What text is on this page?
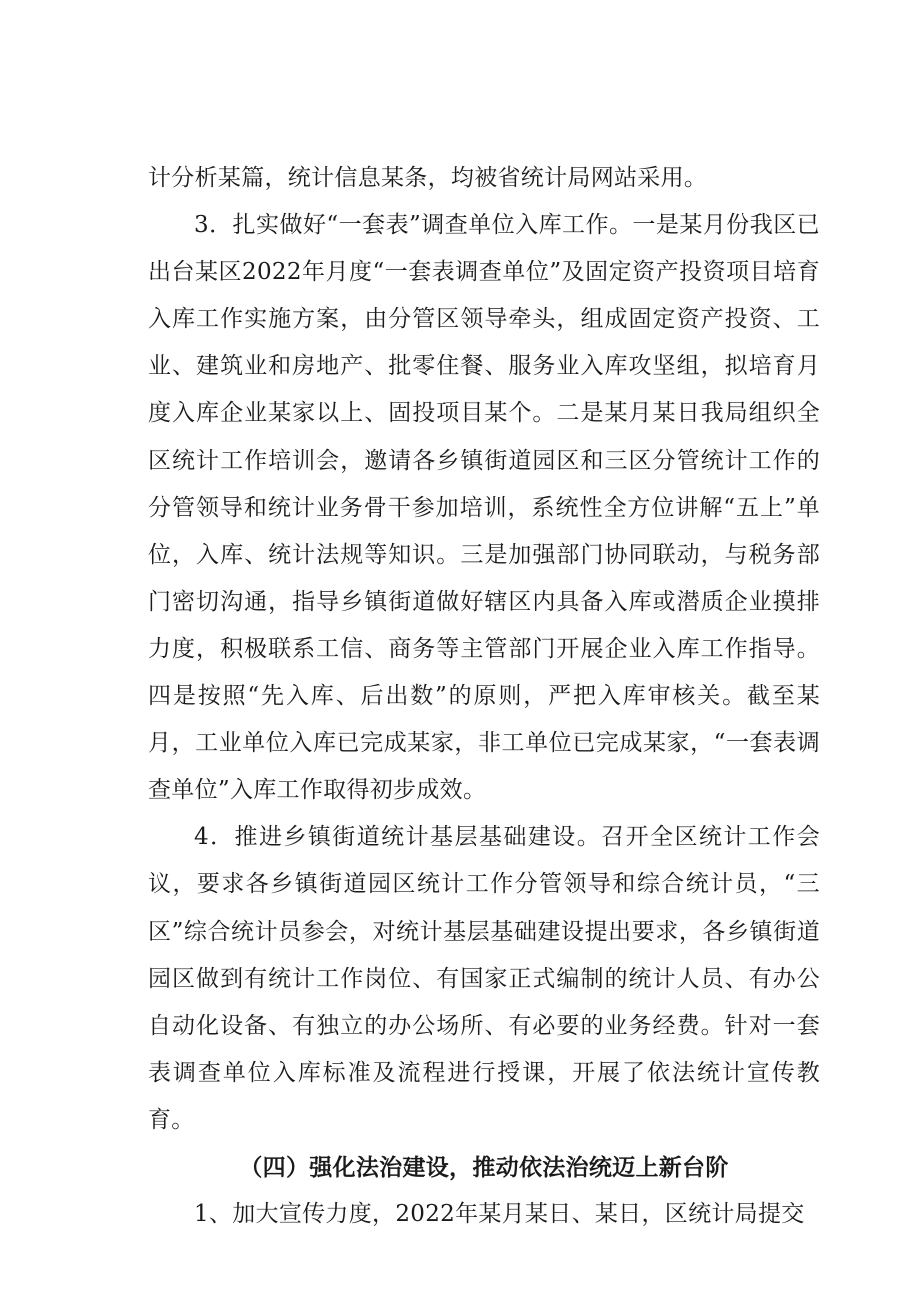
计分析某篇，统计信息某条，均被省统计局网站采用。

3．扎实做好“一套表”调查单位入库工作。一是某月份我区已出台某区2022年月度“一套表调查单位”及固定资产投资项目培育入库工作实施方案，由分管区领导牵头，组成固定资产投资、工业、建筑业和房地产、批零住餐、服务业入库攻坚组，拟培育月度入库企业某家以上、固投项目某个。二是某月某日我局组织全区统计工作培训会，邀请各乡镇街道园区和三区分管统计工作的分管领导和统计业务骨干参加培训，系统性全方位讲解“五上”单位，入库、统计法规等知识。三是加强部门协同联动，与税务部门密切沟通，指导乡镇街道做好辖区内具备入库或潜质企业摸排力度，积极联系工信、商务等主管部门开展企业入库工作指导。四是按照“先入库、后出数”的原则，严把入库审核关。截至某月，工业单位入库已完成某家，非工单位已完成某家，“一套表调查单位”入库工作取得初步成效。

4．推进乡镇街道统计基层基础建设。召开全区统计工作会议，要求各乡镇街道园区统计工作分管领导和综合统计员，“三区”综合统计员参会，对统计基层基础建设提出要求，各乡镇街道园区做到有统计工作岗位、有国家正式编制的统计人员、有办公自动化设备、有独立的办公场所、有必要的业务经费。针对一套表调查单位入库标准及流程进行授课，开展了依法统计宣传教育。

（四）强化法治建设，推动依法治统迈上新台阶

1、加大宣传力度，2022年某月某日、某日，区统计局提交
